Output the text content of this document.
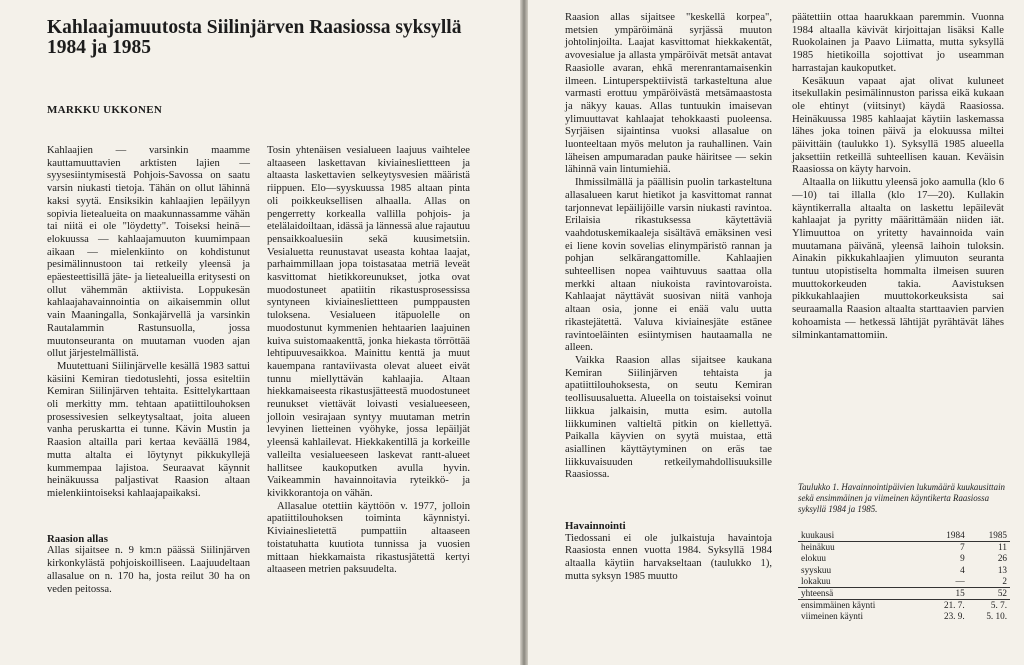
Kahlaajamuutosta Siilinjärven Raasiossa syksyllä 1984 ja 1985
MARKKU UKKONEN

Kahlaajien — varsinkin maamme kauttamuuttavien arktisten lajien — syysesiintymisestä Pohjois-Savossa on saatu varsin niukasti tietoja. Tähän on ollut lähinnä kaksi syytä. Ensiksikin kahlaajien lepäilyyn sopivia lietealueita on maakunnassamme vähän tai niitä ei ole "löydetty". Toiseksi heinä—elokuussa — kahlaajamuuton kuumimpaan aikaan — mielenkiinto on kohdistunut pesimälinnustoon tai retkeily yleensä ja epäesteettisillä jäte- ja lietealueilla eritysesti on ollut vähemmän aktiivista. Loppukesän kahlaajahavainnointia on aikaisemmin ollut vain Maaningalla, Sonkajärvellä ja varsinkin Rautalammin Rastunsuolla, jossa muutonseuranta on muutaman vuoden ajan ollut järjestelmällistä.

Muutettuani Siilinjärvelle kesällä 1983 sattui käsiini Kemiran tiedotuslehti, jossa esiteltiin Kemiran Siilinjärven tehtaita. Esittelykarttaan oli merkitty mm. tehtaan apatiittilouhoksen prosessivesien selkeytysaltaat, joita alueen vanha peruskartta ei tunne. Kävin Mustin ja Raasion altailla pari kertaa keväällä 1984, mutta altalta ei löytynyt pikkukyllejä kummempaa lajistoa. Seuraavat käynnit heinäkuussa paljastivat Raasion altaan mielenkiintoiseksi kahlaajapaikaksi.

Raasion allas

Allas sijaitsee n. 9 km:n päässä Siilinjärven kirkonkylästä pohjoiskoilliseen. Laajuudeltaan allasalue on n. 170 ha, josta reilut 30 ha on veden peitossa.

Tosin yhtenäisen vesialueen laajuus vaihtelee altaaseen laskettavan kiviainesliettteen ja altaasta laskettavien selkeytysvesien määristä riippuen. Elo—syyskuussa 1985 altaan pinta oli poikkeuksellisen alhaalla. Allas on pengerretty korkealla vallilla pohjois- ja etelälaidoiltaan, idässä ja lännessä alue rajautuu pensaikkoaluesiin sekä kuusimetsiin. Vesialuetta reunustavat useasta kohtaa laajat, parhaimmillaan jopa toistasataa metriä leveät kasvittomat hietikkoreunukset, jotka ovat muodostuneet apatiitin rikastusprosessissa syntyneen kiviainesliettteen pumppausten tuloksena. Vesialueen itäpuolelle on muodostunut kymmenien hehtaarien laajuinen kuiva suistomaakenttä, jonka hiekasta törröttää lehtipuuvesaikkoa. Mainittu kenttä ja muut kauempana rantaviivasta olevat alueet eivät tunnu miellyttävän kahlaajia. Altaan hiekkamaiseesta rikastusjätteestä muodostuneet reunukset viettävät loivasti vesialueeseen, jolloin vesirajaan syntyy muutaman metrin levyinen lietteinen vyöhyke, jossa lepäiljät yleensä kahlailevat. Hiekkakentillä ja korkeille valleilta vesialueeseen laskevat rantt-alueet hallitsee kaukoputken avulla hyvin. Vaikeammin havainnoitavia ryteikkö- ja kivikkorantoja on vähän.

Allasalue otettiin käyttöön v. 1977, jolloin apatiittilouhoksen toiminta käynnistyi. Kiviaineslietettä pumpattiin altaaseen toistatuhatta kuutiota tunnissa ja vuosien mittaan hiekkamaista rikastusjätettä kertyi altaaseen metrien paksuudelta.

Raasion allas sijaitsee "keskellä korpea", metsien ympäröimänä syrjässä muuton johtolinjoilta. Laajat kasvittomat hiekkakentät, avovesialue ja allasta ympäröivät metsät antavat Raasiolle avaran, ehkä merenrantamaisenkin ilmeen. Lintuperspektiivistä tarkasteltuna alue varmasti erottuu ympäröivästä metsämaastosta ja näkyy kauas. Allas tuntuukin imaisevan ylimuuttavat kahlaajat tehokkaasti puoleensa. Syrjäisen sijaintinsa vuoksi allasalue on luonteeltaan myös meluton ja rauhallinen. Vain läheisen ampumaradan pauke häiritsee — sekin lähinnä vain lintumiehiä.

Ihmissilmällä ja päällisin puolin tarkasteltuna allasalueen karut hietikot ja kasvittomat rannat tarjonnevat lepäilijöille varsin niukasti ravintoa. Erilaisia rikastuksessa käytettäviä vaahdotuskemikaaleja sisältävä emäksinen vesi ei liene kovin sovelias elinympäristö rannan ja pohjan selkärangattomille. Kahlaajien suhteellisen nopea vaihtuvuus saattaa olla merkki altaan niukoista ravintovaroista. Kahlaajat näyttävät suosivan niitä vanhoja altaan osia, jonne ei enää valu uutta rikastejätettä. Valuva kiviainesjäte estänee ravintoeläinten esiintymisen hautaamalla ne alleen.

Vaikka Raasion allas sijaitsee kaukana Kemiran Siilinjärven tehtaista ja apatiittilouhoksesta, on seutu Kemiran teollisuusaluetta. Alueella on toistaiseksi voinut liikkua jalkaisin, mutta esim. autolla liikkuminen valtieltä pitkin on kiellettyä. Paikalla käyvien on syytä muistaa, että asiallinen käyttäytyminen on eräs tae liikkuvaisuuden retkeilymahdollisuuksille Raasiossa.

Havainnointi

Tiedossani ei ole julkaistuja havaintoja Raasiosta ennen vuotta 1984. Syksyllä 1984 altaalla käytiin harvakseltaan (taulukko 1), mutta syksyn 1985 muutto

päätettiin ottaa haarukkaan paremmin. Vuonna 1984 altaalla kävivät kirjoittajan lisäksi Kalle Ruokolainen ja Paavo Liimatta, mutta syksyllä 1985 hietikoilla sojottivat jo useamman harrastajan kaukoputket.

Kesäkuun vapaat ajat olivat kuluneet itsekullakin pesimälinnuston parissa eikä kukaan ole ehtinyt (viitsinyt) käydä Raasiossa. Heinäkuussa 1985 kahlaajat käytiin laskemassa lähes joka toinen päivä ja elokuussa miltei päivittäin (taulukko 1). Syksyllä 1985 alueella jaksettiin retkeillä suhteellisen kauan. Keväisin Raasiossa on käyty harvoin.

Altaalla on liikuttu yleensä joko aamulla (klo 6—10) tai illalla (klo 17—20). Kullakin käyntikerralla altaalta on laskettu lepäilevät kahlaajat ja pyritty määrittämään niiden iät. Ylimuuttoa on yritetty havainnoida vain muutamana päivänä, yleensä laihoin tuloksin. Ainakin pikkukahlaajien ylimuuton seuranta tuntuu utopistiselta hommalta ilmeisen suuren muuttokorkeuden takia. Aavistuksen pikkukahlaajien muuttokorkeuksista sai seuraamalla Raasion altaalta starttaavien parvien kohoamista — hetkessä lähtijät pyrähtävät lähes silminkantamattomiin.

Taulukko 1. Havainnointipäivien lukumäärä kuukausittain sekä ensimmäinen ja viimeinen käyntikerta Raasiossa syksyllä 1984 ja 1985.
kuukausi	1984	1985
heinäkuu	7	11
elokuu	9	26
syyskuu	4	13
lokakuu	—	2
yhteensä	15	52
ensimmäinen käynti	21. 7.	5. 7.
viimeinen käynti	23. 9.	5. 10.
